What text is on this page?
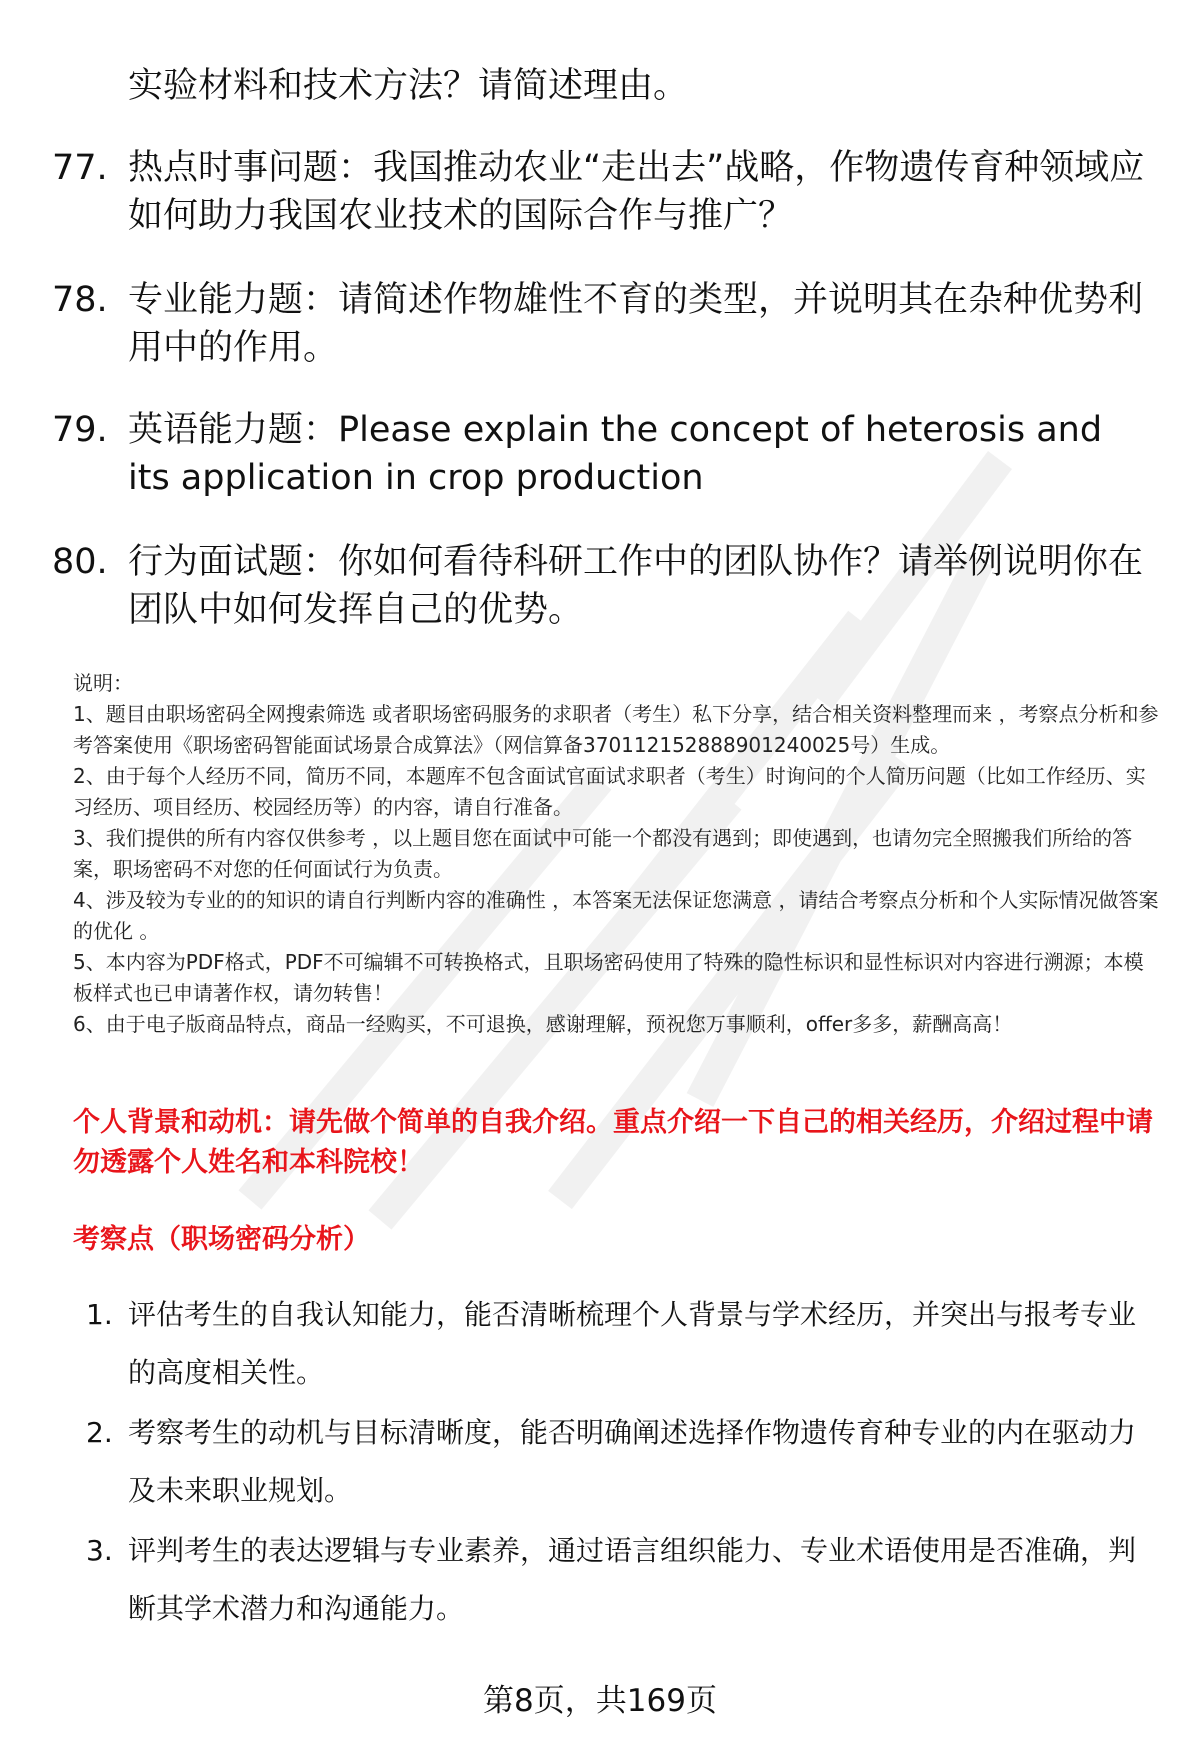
实验材料和技术方法？请简述理由。
77. 热点时事问题：我国推动农业“走出去”战略，作物遗传育种领域应如何助力我国农业技术的国际合作与推广？
78. 专业能力题：请简述作物雄性不育的类型，并说明其在杂种优势利用中的作用。
79. 英语能力题：Please explain the concept of heterosis and its application in crop production
80. 行为面试题：你如何看待科研工作中的团队协作？请举例说明你在团队中如何发挥自己的优势。
说明：
1、题目由职场密码全网搜索筛选 或者职场密码服务的求职者（考生）私下分享，结合相关资料整理而来 ，考察点分析和参考答案使用《职场密码智能面试场景合成算法》（网信算备370112152888901240025号）生成。
2、由于每个人经历不同，简历不同，本题库不包含面试官面试求职者（考生）时询问的个人简历问题（比如工作经历、实习经历、项目经历、校园经历等）的内容，请自行准备。
3、我们提供的所有内容仅供参考 ，以上题目您在面试中可能一个都没有遇到；即使遇到，也请勿完全照搬我们所给的答案，职场密码不对您的任何面试行为负责。
4、涉及较为专业的的知识的请自行判断内容的准确性 ，本答案无法保证您满意 ，请结合考察点分析和个人实际情况做答案的优化 。
5、本内容为PDF格式，PDF不可编辑不可转换格式，且职场密码使用了特殊的隐性标识和显性标识对内容进行溯源；本模板样式也已申请著作权，请勿转售！
6、由于电子版商品特点，商品一经购买，不可退换，感谢理解，预祝您万事顺利，offer多多，薪酬高高！
个人背景和动机：请先做个简单的自我介绍。重点介绍一下自己的相关经历，介绍过程中请勿透露个人姓名和本科院校！
考察点（职场密码分析）
1. 评估考生的自我认知能力，能否清晰梳理个人背景与学术经历，并突出与报考专业的高度相关性。
2. 考察考生的动机与目标清晰度，能否明确阐述选择作物遗传育种专业的内在驱动力及未来职业规划。
3. 评判考生的表达逻辑与专业素养，通过语言组织能力、专业术语使用是否准确，判断其学术潜力和沟通能力。
第8页，共169页
